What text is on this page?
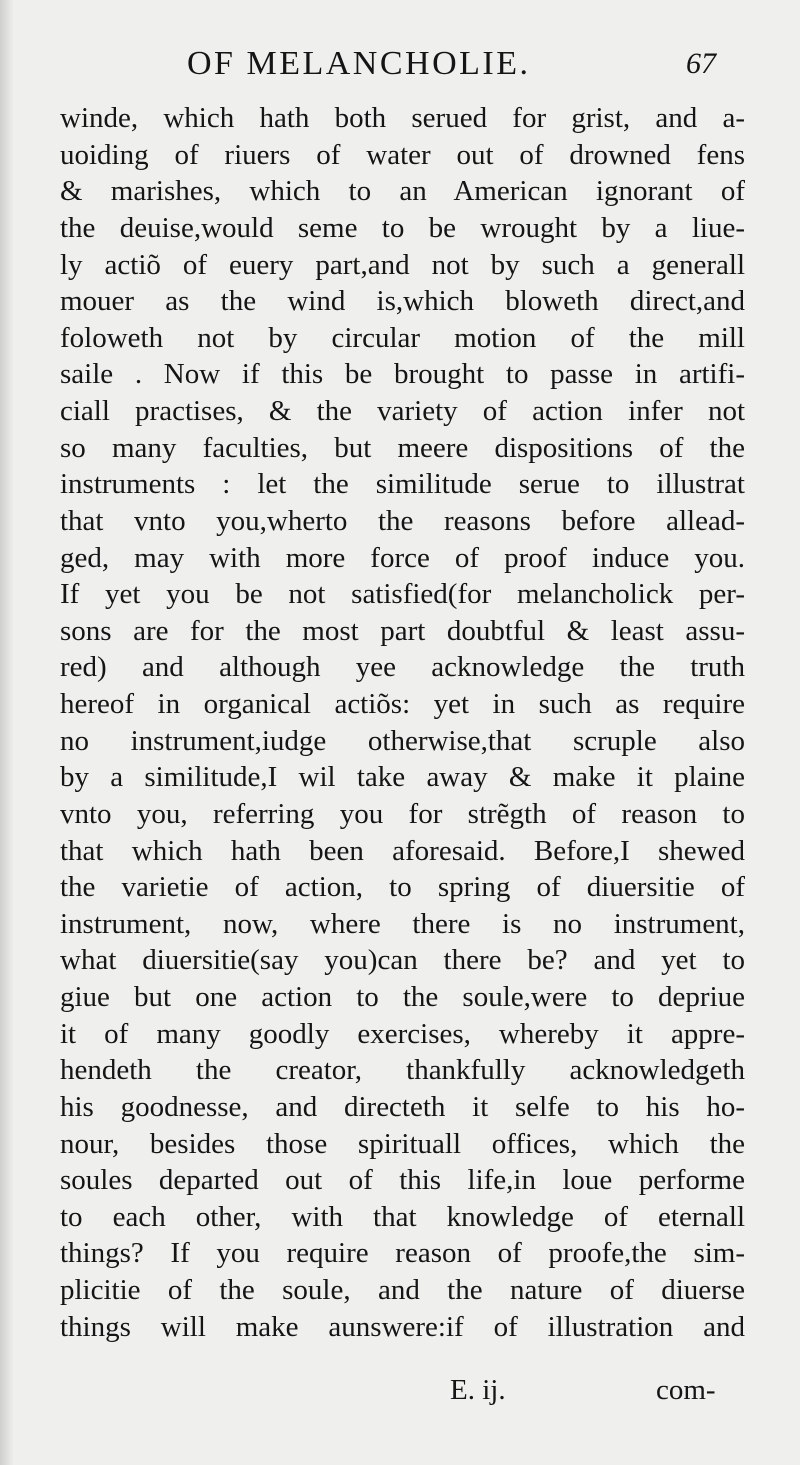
OF MELANCHOLIE.	67
winde, which hath both serued for grist, and a-
uoiding of riuers of water out of drowned fens
& marishes, which to an American ignorant of
the deuise,would seme to be wrought by a liue-
ly actiõ of euery part,and not by such a generall
mouer as the wind is,which bloweth direct,and
foloweth not by circular motion of the mill
saile . Now if this be brought to passe in artifi-
ciall practises, & the variety of action infer not
so many faculties, but meere dispositions of the
instruments : let the similitude serue to illustrat
that vnto you,wherto the reasons before allead-
ged, may with more force of proof induce you.
If yet you be not satisfied(for melancholick per-
sons are for the most part doubtful & least assu-
red) and although yee acknowledge the truth
hereof in organical actiõs: yet in such as require
no instrument,iudge otherwise,that scruple also
by a similitude,I wil take away & make it plaine
vnto you, referring you for strẽgth of reason to
that which hath been aforesaid. Before,I shewed
the varietie of action, to spring of diuersitie of
instrument, now, where there is no instrument,
what diuersitie(say you)can there be? and yet to
giue but one action to the soule,were to depriue
it of many goodly exercises, whereby it appre-
hendeth the creator, thankfully acknowledgeth
his goodnesse, and directeth it selfe to his ho-
nour, besides those spirituall offices, which the
soules departed out of this life,in loue performe
to each other, with that knowledge of eternall
things? If you require reason of proofe,the sim-
plicitie of the soule, and the nature of diuerse
things will make aunswere:if of illustration and
E. ij.	com-
